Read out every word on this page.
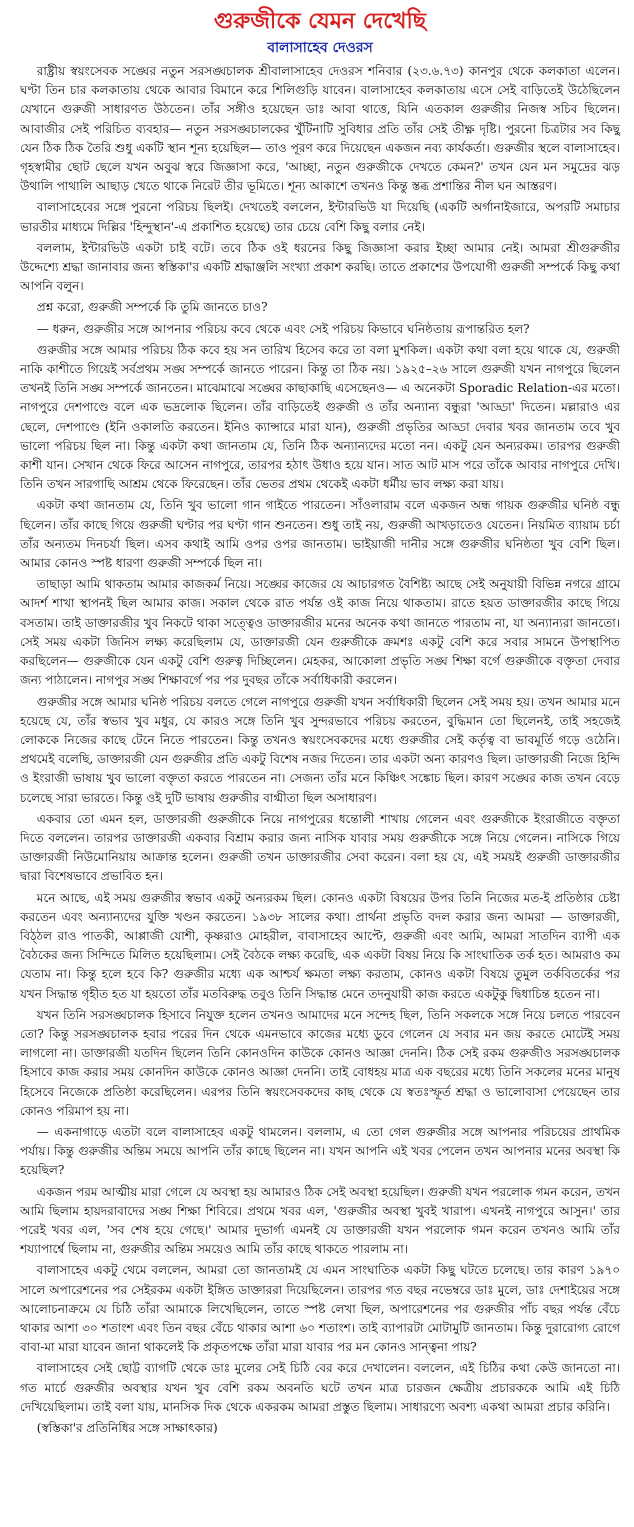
গুরুজীকে যেমন দেখেছি
বালাসাহেব দেওরস

রাষ্ট্রীয় স্বয়ংসেবক সঙ্ঘের নতুন সরসঙ্ঘচালক শ্রীবালাসাহেব দেওরস শনিবার (২৩.৬.৭৩) কানপুর থেকে কলকাতা এলেন। ঘণ্টা তিন চার কলকাতায় থেকে আবার বিমানে করে শিলিগুড়ি যাবেন। বালাসাহেব কলকাতায় এসে সেই বাড়িতেই উঠেছিলেন যেখানে গুরুজী সাধারণত উঠতেন। তাঁর সঙ্গীও হয়েছেন ডাঃ আবা থাত্তে, যিনি এতকাল গুরুজীর নিজস্ব সচিব ছিলেন। আবাজীর সেই পরিচিত ব্যবহার— নতুন সরসঙ্ঘচালকের খুঁটিনাটি সুবিধার প্রতি তাঁর সেই তীক্ষ্ণ দৃষ্টি। পুরনো চিত্রটার সব কিছু যেন ঠিক ঠিক তৈরি শুধু একটি স্থান শূন্য হয়েছিল— তাও পূরণ করে দিয়েছেন একজন নব্য কার্যকর্তা। গুরুজীর স্থলে বালাসাহেব। গৃহস্বামীর ছোট ছেলে যখন অবুঝ স্বরে জিজ্ঞাসা করে, 'আচ্ছা, নতুন গুরুজীকে দেখতে কেমন?' তখন যেন মন সমুদ্রের ঝড় উথালি পাথালি আছাড় খেতে থাকে নিরেট তীর ভূমিতে। শূন্য আকাশে তখনও কিন্তু স্তব্ধ প্রশান্তির নীল ঘন আস্তরণ।

বালাসাহেবের সঙ্গে পুরনো পরিচয় ছিলই। দেখতেই বললেন, ইন্টারভিউ যা দিয়েছি (একটি অর্গানাইজারে, অপরটি সমাচার ভারতীর মাধ্যমে দিল্লির 'হিন্দুস্থান'-এ প্রকাশিত হয়েছে) তার চেয়ে বেশি কিছু বলার নেই।

বললাম, ইন্টারভিউ একটা চাই বটে। তবে ঠিক ওই ধরনের কিছু জিজ্ঞাসা করার ইচ্ছা আমার নেই। আমরা শ্রীগুরুজীর উদ্দেশ্যে শ্রদ্ধা জানাবার জন্য স্বস্তিকা'র একটি শ্রদ্ধাঞ্জলি সংখ্যা প্রকাশ করছি। তাতে প্রকাশের উপযোগী গুরুজী সম্পর্কে কিছু কথা আপনি বলুন।

প্রশ্ন করো, গুরুজী সম্পর্কে কি তুমি জানতে চাও?

— ধরুন, গুরুজীর সঙ্গে আপনার পরিচয় কবে থেকে এবং সেই পরিচয় কিভাবে ঘনিষ্ঠতায় রূপান্তরিত হল?

গুরুজীর সঙ্গে আমার পরিচয় ঠিক কবে হয় সন তারিখ হিসেব করে তা বলা মুশকিল। একটা কথা বলা হয়ে থাকে যে, গুরুজী নাকি কাশীতে গিয়েই সর্বপ্রথম সঙ্ঘ সম্পর্কে জানতে পারেন। কিন্তু তা ঠিক নয়। ১৯২৫–২৬ সালে গুরুজী যখন নাগপুরে ছিলেন তখনই তিনি সঙ্ঘ সম্পর্কে জানতেন। মাঝেমাঝে সঙ্ঘের কাছাকাছি এসেছেনও— এ অনেকটা Sporadic Relation-এর মতো। নাগপুরে দেশপাণ্ডে বলে এক ভদ্রলোক ছিলেন। তাঁর বাড়িতেই গুরুজী ও তাঁর অন্যান্য বন্ধুরা 'আড্ডা' দিতেন। মল্লারাও এর ছেলে, দেশপাণ্ডে (ইনি ওকালতি করতেন। ইনিও ক্যান্সারে মারা যান), গুরুজী প্রভৃতির আড্ডা দেবার খবর জানতাম তবে খুব ভালো পরিচয় ছিল না। কিন্তু একটা কথা জানতাম যে, তিনি ঠিক অন্যান্যদের মতো নন। একটু যেন অন্যরকম। তারপর গুরুজী কাশী যান। সেখান থেকে ফিরে আসেন নাগপুরে, তারপর হঠাৎ উধাও হয়ে যান। সাত আট মাস পরে তাঁকে আবার নাগপুরে দেখি। তিনি তখন সারগাছি আশ্রম থেকে ফিরেছেন। তাঁর ভেতর প্রথম থেকেই একটা ধর্মীয় ভাব লক্ষ্য করা যায়।

একটা কথা জানতাম যে, তিনি খুব ভালো গান গাইতে পারতেন। সাঁওলারাম বলে একজন অন্ধ গায়ক গুরুজীর ঘনিষ্ঠ বন্ধু ছিলেন। তাঁর কাছে গিয়ে গুরুজী ঘণ্টার পর ঘণ্টা গান শুনতেন। শুধু তাই নয়, গুরুজী আখড়াতেও যেতেন। নিয়মিত ব্যায়াম চর্চা তাঁর অন্যতম দিনচর্যা ছিল। এসব কথাই আমি ওপর ওপর জানতাম। ভাইয়াজী দানীর সঙ্গে গুরুজীর ঘনিষ্ঠতা খুব বেশি ছিল। আমার কোনও স্পষ্ট ধারণা গুরুজী সম্পর্কে ছিল না।

তাছাড়া আমি থাকতাম আমার কাজকর্ম নিয়ে। সঙ্ঘের কাজের যে আচারগত বৈশিষ্ট্য আছে সেই অনুযায়ী বিভিন্ন নগরে গ্রামে আদর্শ শাখা স্থাপনই ছিল আমার কাজ। সকাল থেকে রাত পর্যন্ত ওই কাজ নিয়ে থাকতাম। রাতে হয়ত ডাক্তারজীর কাছে গিয়ে বসতাম। তাই ডাক্তারজীর খুব নিকটে থাকা সত্ত্বেও ডাক্তারজীর মনের অনেক কথা জানতে পারতাম না, যা অন্যান্যরা জানতো। সেই সময় একটা জিনিস লক্ষ্য করেছিলাম যে, ডাক্তারজী যেন গুরুজীকে ক্রমশঃ একটু বেশি করে সবার সামনে উপস্থাপিত করছিলেন— গুরুজীকে যেন একটু বেশি গুরুত্ব দিচ্ছিলেন। মেহকর, আকোলা প্রভৃতি সঙ্ঘ শিক্ষা বর্গে গুরুজীকে বক্তৃতা দেবার জন্য পাঠালেন। নাগপুর সঙ্ঘ শিক্ষাবর্গে পর পর দুবছর তাঁকে সর্বাধিকারী করলেন।

গুরুজীর সঙ্গে আমার ঘনিষ্ঠ পরিচয় বলতে গেলে নাগপুরে গুরুজী যখন সর্বাধিকারী ছিলেন সেই সময় হয়। তখন আমার মনে হয়েছে যে, তাঁর স্বভাব খুব মধুর, যে কারও সঙ্গে তিনি খুব সুন্দরভাবে পরিচয় করতেন, বুদ্ধিমান তো ছিলেনই, তাই সহজেই লোককে নিজের কাছে টেনে নিতে পারতেন। কিন্তু তখনও স্বয়ংসেবকদের মধ্যে গুরুজীর সেই কর্তৃত্ব বা ভাবমূর্তি গড়ে ওঠেনি। প্রথমেই বলেছি, ডাক্তারজী যেন গুরুজীর প্রতি একটু বিশেষ নজর দিতেন। তার একটা অন্য কারণও ছিল। ডাক্তারজী নিজে হিন্দি ও ইংরাজী ভাষায় খুব ভালো বক্তৃতা করতে পারতেন না। সেজন্য তাঁর মনে কিঞ্চিৎ সঙ্কোচ ছিল। কারণ সঙ্ঘের কাজ তখন বেড়ে চলেছে সারা ভারতে। কিন্তু ওই দুটি ভাষায় গুরুজীর বাগ্মীতা ছিল অসাধারণ।

একবার তো এমন হল, ডাক্তারজী গুরুজীকে নিয়ে নাগপুরের ধন্তোলী শাখায় গেলেন এবং গুরুজীকে ইংরাজীতে বক্তৃতা দিতে বললেন। তারপর ডাক্তারজী একবার বিশ্রাম করার জন্য নাসিক যাবার সময় গুরুজীকে সঙ্গে নিয়ে গেলেন। নাসিকে গিয়ে ডাক্তারজী নিউমোনিয়ায় আক্রান্ত হলেন। গুরুজী তখন ডাক্তারজীর সেবা করেন। বলা হয় যে, এই সময়ই গুরুজী ডাক্তারজীর দ্বারা বিশেষভাবে প্রভাবিত হন।

মনে আছে, এই সময় গুরুজীর স্বভাব একটু অন্যরকম ছিল। কোনও একটা বিষয়ের উপর তিনি নিজের মত-ই প্রতিষ্ঠার চেষ্টা করতেন এবং অন্যান্যদের যুক্তি খণ্ডন করতেন। ১৯৩৮ সালের কথা। প্রার্থনা প্রভৃতি বদল করার জন্য আমরা — ডাক্তারজী, বিঠ্ঠল রাও পাতকী, আপ্পাজী যোশী, কৃষ্ণরাও মোহরীল, বাবাসাহেব আপ্টে, গুরুজী এবং আমি, আমরা সাতদিন ব্যাপী এক বৈঠকের জন্য সিন্দিতে মিলিত হয়েছিলাম। সেই বৈঠকে লক্ষ্য করেছি, এক একটা বিষয় নিয়ে কি সাংঘাতিক তর্ক হত। আমরাও কম যেতাম না। কিন্তু হলে হবে কি? গুরুজীর মধ্যে এক আশ্চর্য ক্ষমতা লক্ষ্য করতাম, কোনও একটা বিষয়ে তুমুল তর্কবিতর্কের পর যখন সিদ্ধান্ত গৃহীত হত যা হয়তো তাঁর মতবিরুদ্ধ তবুও তিনি সিদ্ধান্ত মেনে তদনুযায়ী কাজ করতে একটুকু দ্বিধাচিন্ত হতেন না।

যখন তিনি সরসঙ্ঘচালক হিসাবে নিযুক্ত হলেন তখনও আমাদের মনে সন্দেহ ছিল, তিনি সকলকে সঙ্গে নিয়ে চলতে পারবেন তো? কিন্তু সরসঙ্ঘচালক হবার পরের দিন থেকে এমনভাবে কাজের মধ্যে ডুবে গেলেন যে সবার মন জয় করতে মোটেই সময় লাগলো না। ডাক্তারজী যতদিন ছিলেন তিনি কোনওদিন কাউকে কোনও আজ্ঞা দেননি। ঠিক সেই রকম গুরুজীও সরসঙ্ঘচালক হিসাবে কাজ করার সময় কোনদিন কাউকে কোনও আজ্ঞা দেননি। তাই বোধহয় মাত্র এক বছরের মধ্যে তিনি সকলের মনের মানুষ হিসেবে নিজেকে প্রতিষ্ঠা করেছিলেন। এরপর তিনি স্বয়ংসেবকদের কাছ থেকে যে স্বতঃস্ফূর্ত শ্রদ্ধা ও ভালোবাসা পেয়েছেন তার কোনও পরিমাপ হয় না।

— একনাগাড়ে এতটা বলে বালাসাহেব একটু থামলেন। বললাম, এ তো গেল গুরুজীর সঙ্গে আপনার পরিচয়ের প্রাথমিক পর্যায়। কিন্তু গুরুজীর অন্তিম সময়ে আপনি তাঁর কাছে ছিলেন না। যখন আপনি এই খবর পেলেন তখন আপনার মনের অবস্থা কি হয়েছিল?

একজন পরম আত্মীয় মারা গেলে যে অবস্থা হয় আমারও ঠিক সেই অবস্থা হয়েছিল। গুরুজী যখন পরলোক গমন করেন, তখন আমি ছিলাম হায়দরাবাদের সঙ্ঘ শিক্ষা শিবিরে। প্রথমে খবর এল, 'গুরুজীর অবস্থা খুবই খারাপ। এখনই নাগপুরে আসুন।' তার পরেই খবর এল, 'সব শেষ হয়ে গেছে।' আমার দুভার্গ্য এমনই যে ডাক্তারজী যখন পরলোক গমন করেন তখনও আমি তাঁর শয্যাপার্শ্বে ছিলাম না, গুরুজীর অন্তিম সময়েও আমি তাঁর কাছে থাকতে পারলাম না।

বালাসাহেব একটু থেমে বললেন, আমরা তো জানতামই যে এমন সাংঘাতিক একটা কিছু ঘটতে চলেছে। তার কারণ ১৯৭০ সালে অপারেশনের পর সেইরকম একটা ইঙ্গিত ডাক্তাররা দিয়েছিলেন। তারপর গত বছর নভেম্বরে ডাঃ মুলে, ডাঃ দেশাইয়ের সঙ্গে আলোচনাক্রমে যে চিঠি তাঁরা আমাকে লিখেছিলেন, তাতে স্পষ্ট লেখা ছিল, অপারেশনের পর গুরুজীর পাঁচ বছর পর্যন্ত বেঁচে থাকার আশা ৩০ শতাংশ এবং তিন বছর বেঁচে থাকার আশা ৬০ শতাংশ। তাই ব্যাপারটা মোটামুটি জানতাম। কিন্তু দুরারোগ্য রোগে বাবা-মা মারা যাবেন জানা থাকলেই কি প্রকৃতপক্ষে তাঁরা মারা যাবার পর মন কোনও সান্ত্বনা পায়?

বালাসাহেব সেই ছোট্ট ব্যাগটি থেকে ডাঃ মুলের সেই চিঠি বের করে দেখালেন। বললেন, এই চিঠির কথা কেউ জানতো না। গত মার্চে গুরুজীর অবস্থার যখন খুব বেশি রকম অবনতি ঘটে তখন মাত্র চারজন ক্ষেত্রীয় প্রচারককে আমি এই চিঠি দেখিয়েছিলাম। তাই বলা যায়, মানসিক দিক থেকে একরকম আমরা প্রস্তুত ছিলাম। সাধারণ্যে অবশ্য একথা আমরা প্রচার করিনি।

(স্বস্তিকা'র প্রতিনিধির সঙ্গে সাক্ষাৎকার)
